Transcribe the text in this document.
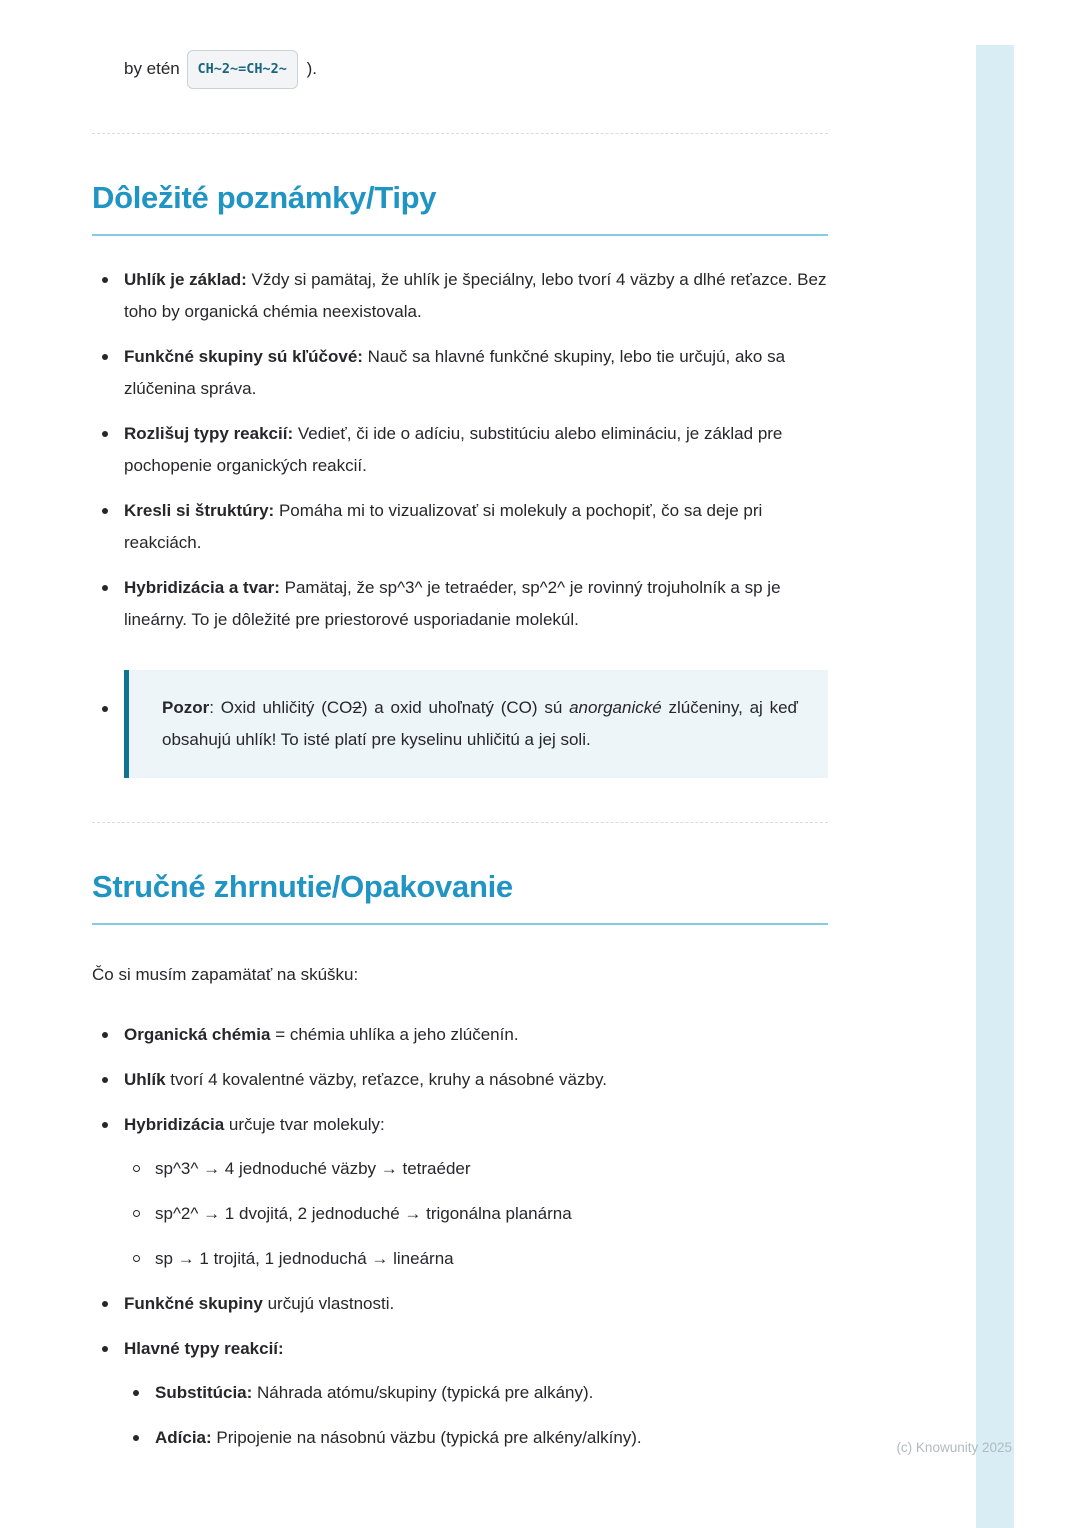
by etén CH~2~=CH~2~ ).

Dôležité poznámky/Tipy
Uhlík je základ: Vždy si pamätaj, že uhlík je špeciálny, lebo tvorí 4 väzby a dlhé reťazce. Bez toho by organická chémia neexistovala.
Funkčné skupiny sú kľúčové: Nauč sa hlavné funkčné skupiny, lebo tie určujú, ako sa zlúčenina správa.
Rozlišuj typy reakcií: Vedieť, či ide o adíciu, substitúciu alebo elimináciu, je základ pre pochopenie organických reakcií.
Kresli si štruktúry: Pomáha mi to vizualizovať si molekuly a pochopiť, čo sa deje pri reakciách.
Hybridizácia a tvar: Pamätaj, že sp^3^ je tetraéder, sp^2^ je rovinný trojuholník a sp je lineárny. To je dôležité pre priestorové usporiadanie molekúl.

Pozor: Oxid uhličitý (CO2) a oxid uhoľnatý (CO) sú anorganické zlúčeniny, aj keď obsahujú uhlík! To isté platí pre kyselinu uhličitú a jej soli.

Stručné zhrnutie/Opakovanie

Čo si musím zapamätať na skúšku:

Organická chémia = chémia uhlíka a jeho zlúčenín.
Uhlík tvorí 4 kovalentné väzby, reťazce, kruhy a násobné väzby.
Hybridizácia určuje tvar molekuly:
sp^3^ → 4 jednoduché väzby → tetraéder
sp^2^ → 1 dvojitá, 2 jednoduché → trigonálna planárna
sp → 1 trojitá, 1 jednoduchá → lineárna
Funkčné skupiny určujú vlastnosti.
Hlavné typy reakcií:
Substitúcia: Náhrada atómu/skupiny (typická pre alkány).
Adícia: Pripojenie na násobnú väzbu (typická pre alkény/alkíny).
(c) Knowunity 2025
